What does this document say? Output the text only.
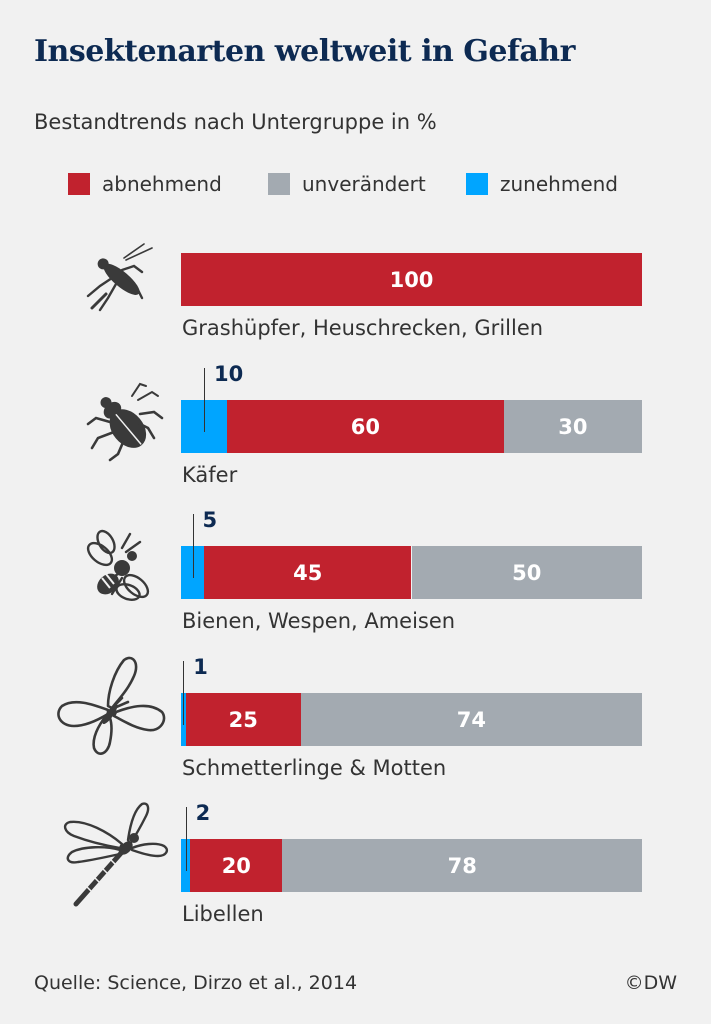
Insektenarten weltweit in Gefahr
Bestandtrends nach Untergruppe in %
abnehmend	unverändert	zunehmend
100
Grashüpfer, Heuschrecken, Grillen
10
60	30
Käfer
5
45	50
Bienen, Wespen, Ameisen
1
25	74
Schmetterlinge & Motten
2
20	78
Libellen
Quelle: Science, Dirzo et al., 2014	©DW
